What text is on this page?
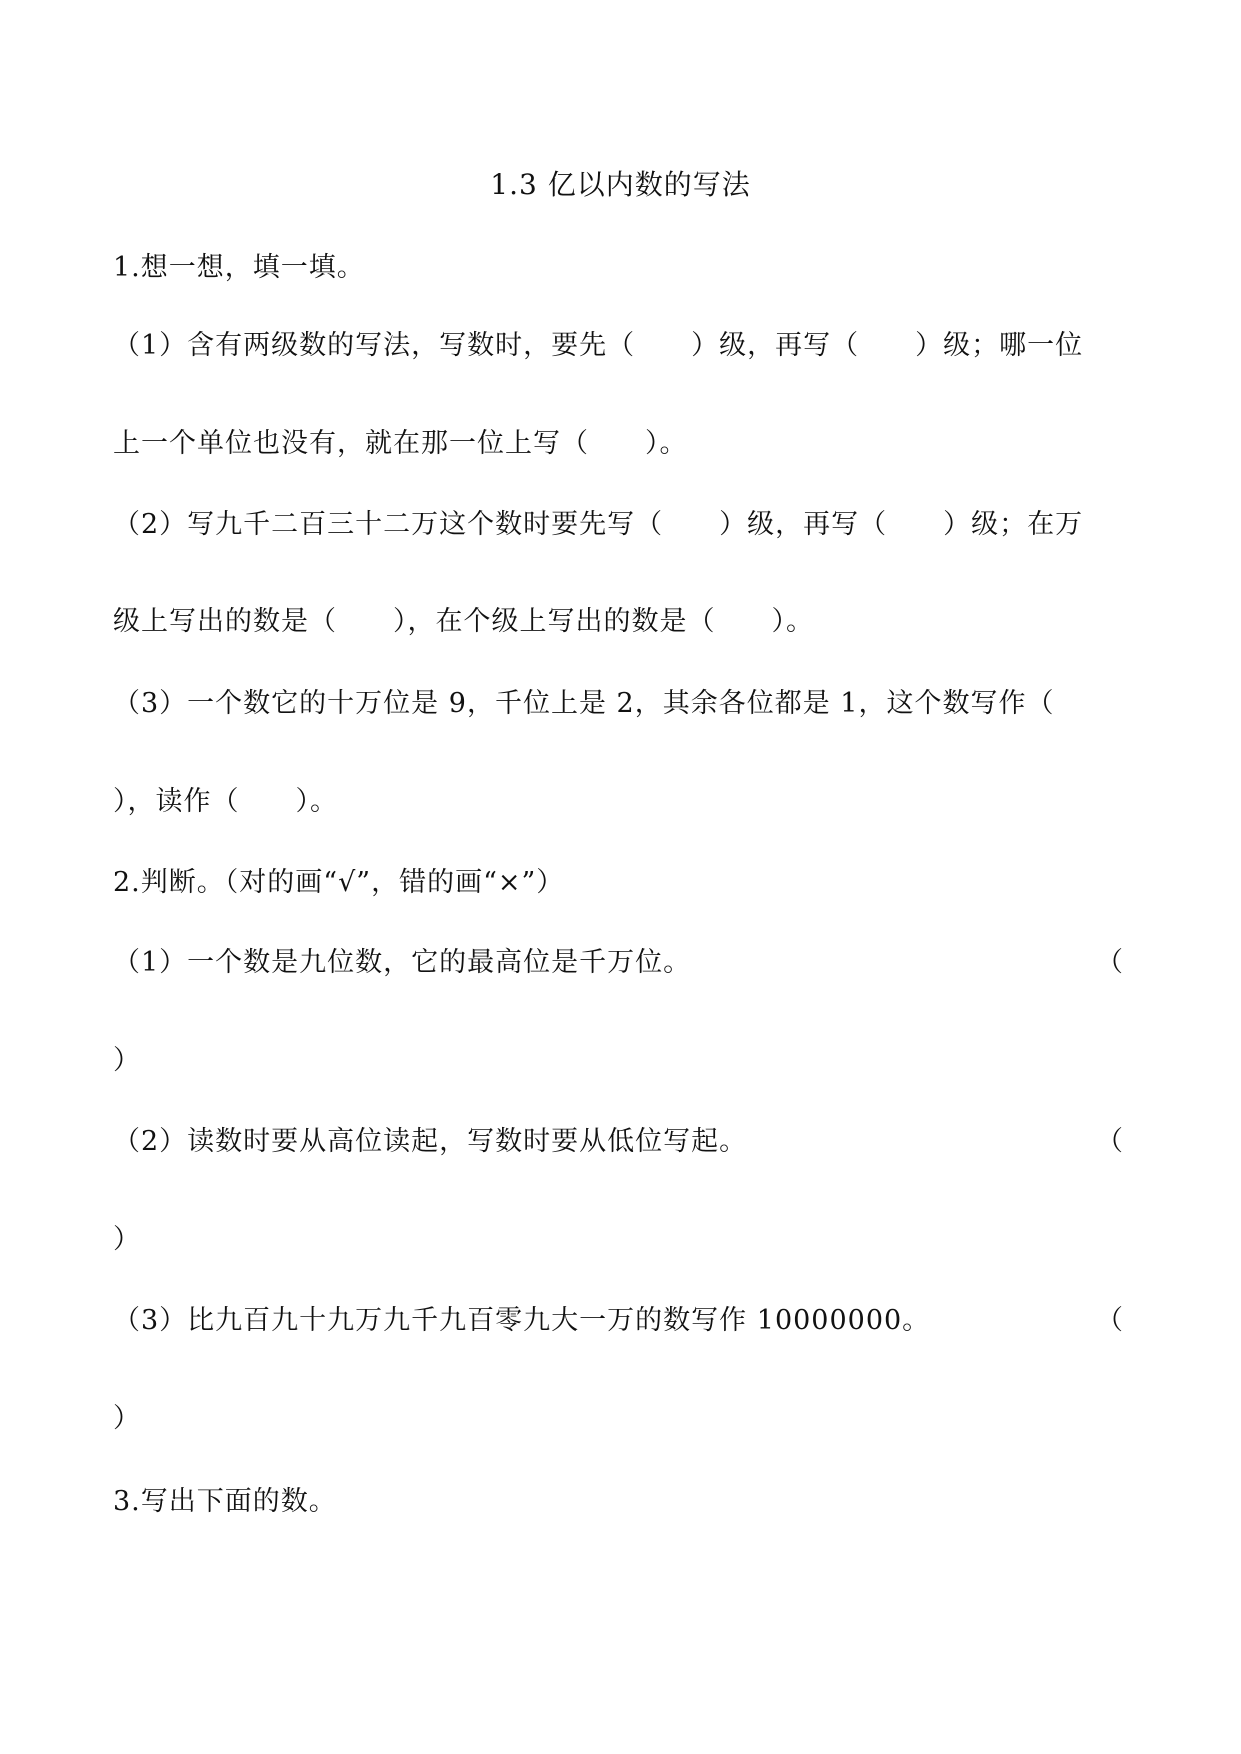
1.3 亿以内数的写法
1.想一想，填一填。
（1）含有两级数的写法，写数时，要先（　　）级，再写（　　）级；哪一位
上一个单位也没有，就在那一位上写（　　）。
（2）写九千二百三十二万这个数时要先写（　　）级，再写（　　）级；在万
级上写出的数是（　　），在个级上写出的数是（　　）。
（3）一个数它的十万位是 9，千位上是 2，其余各位都是 1，这个数写作（
），读作（　　）。
2.判断。（对的画“√”，错的画“×”）
（1）一个数是九位数，它的最高位是千万位。	（
）
（2）读数时要从高位读起，写数时要从低位写起。	（
）
（3）比九百九十九万九千九百零九大一万的数写作 10000000。	（
）
3.写出下面的数。
